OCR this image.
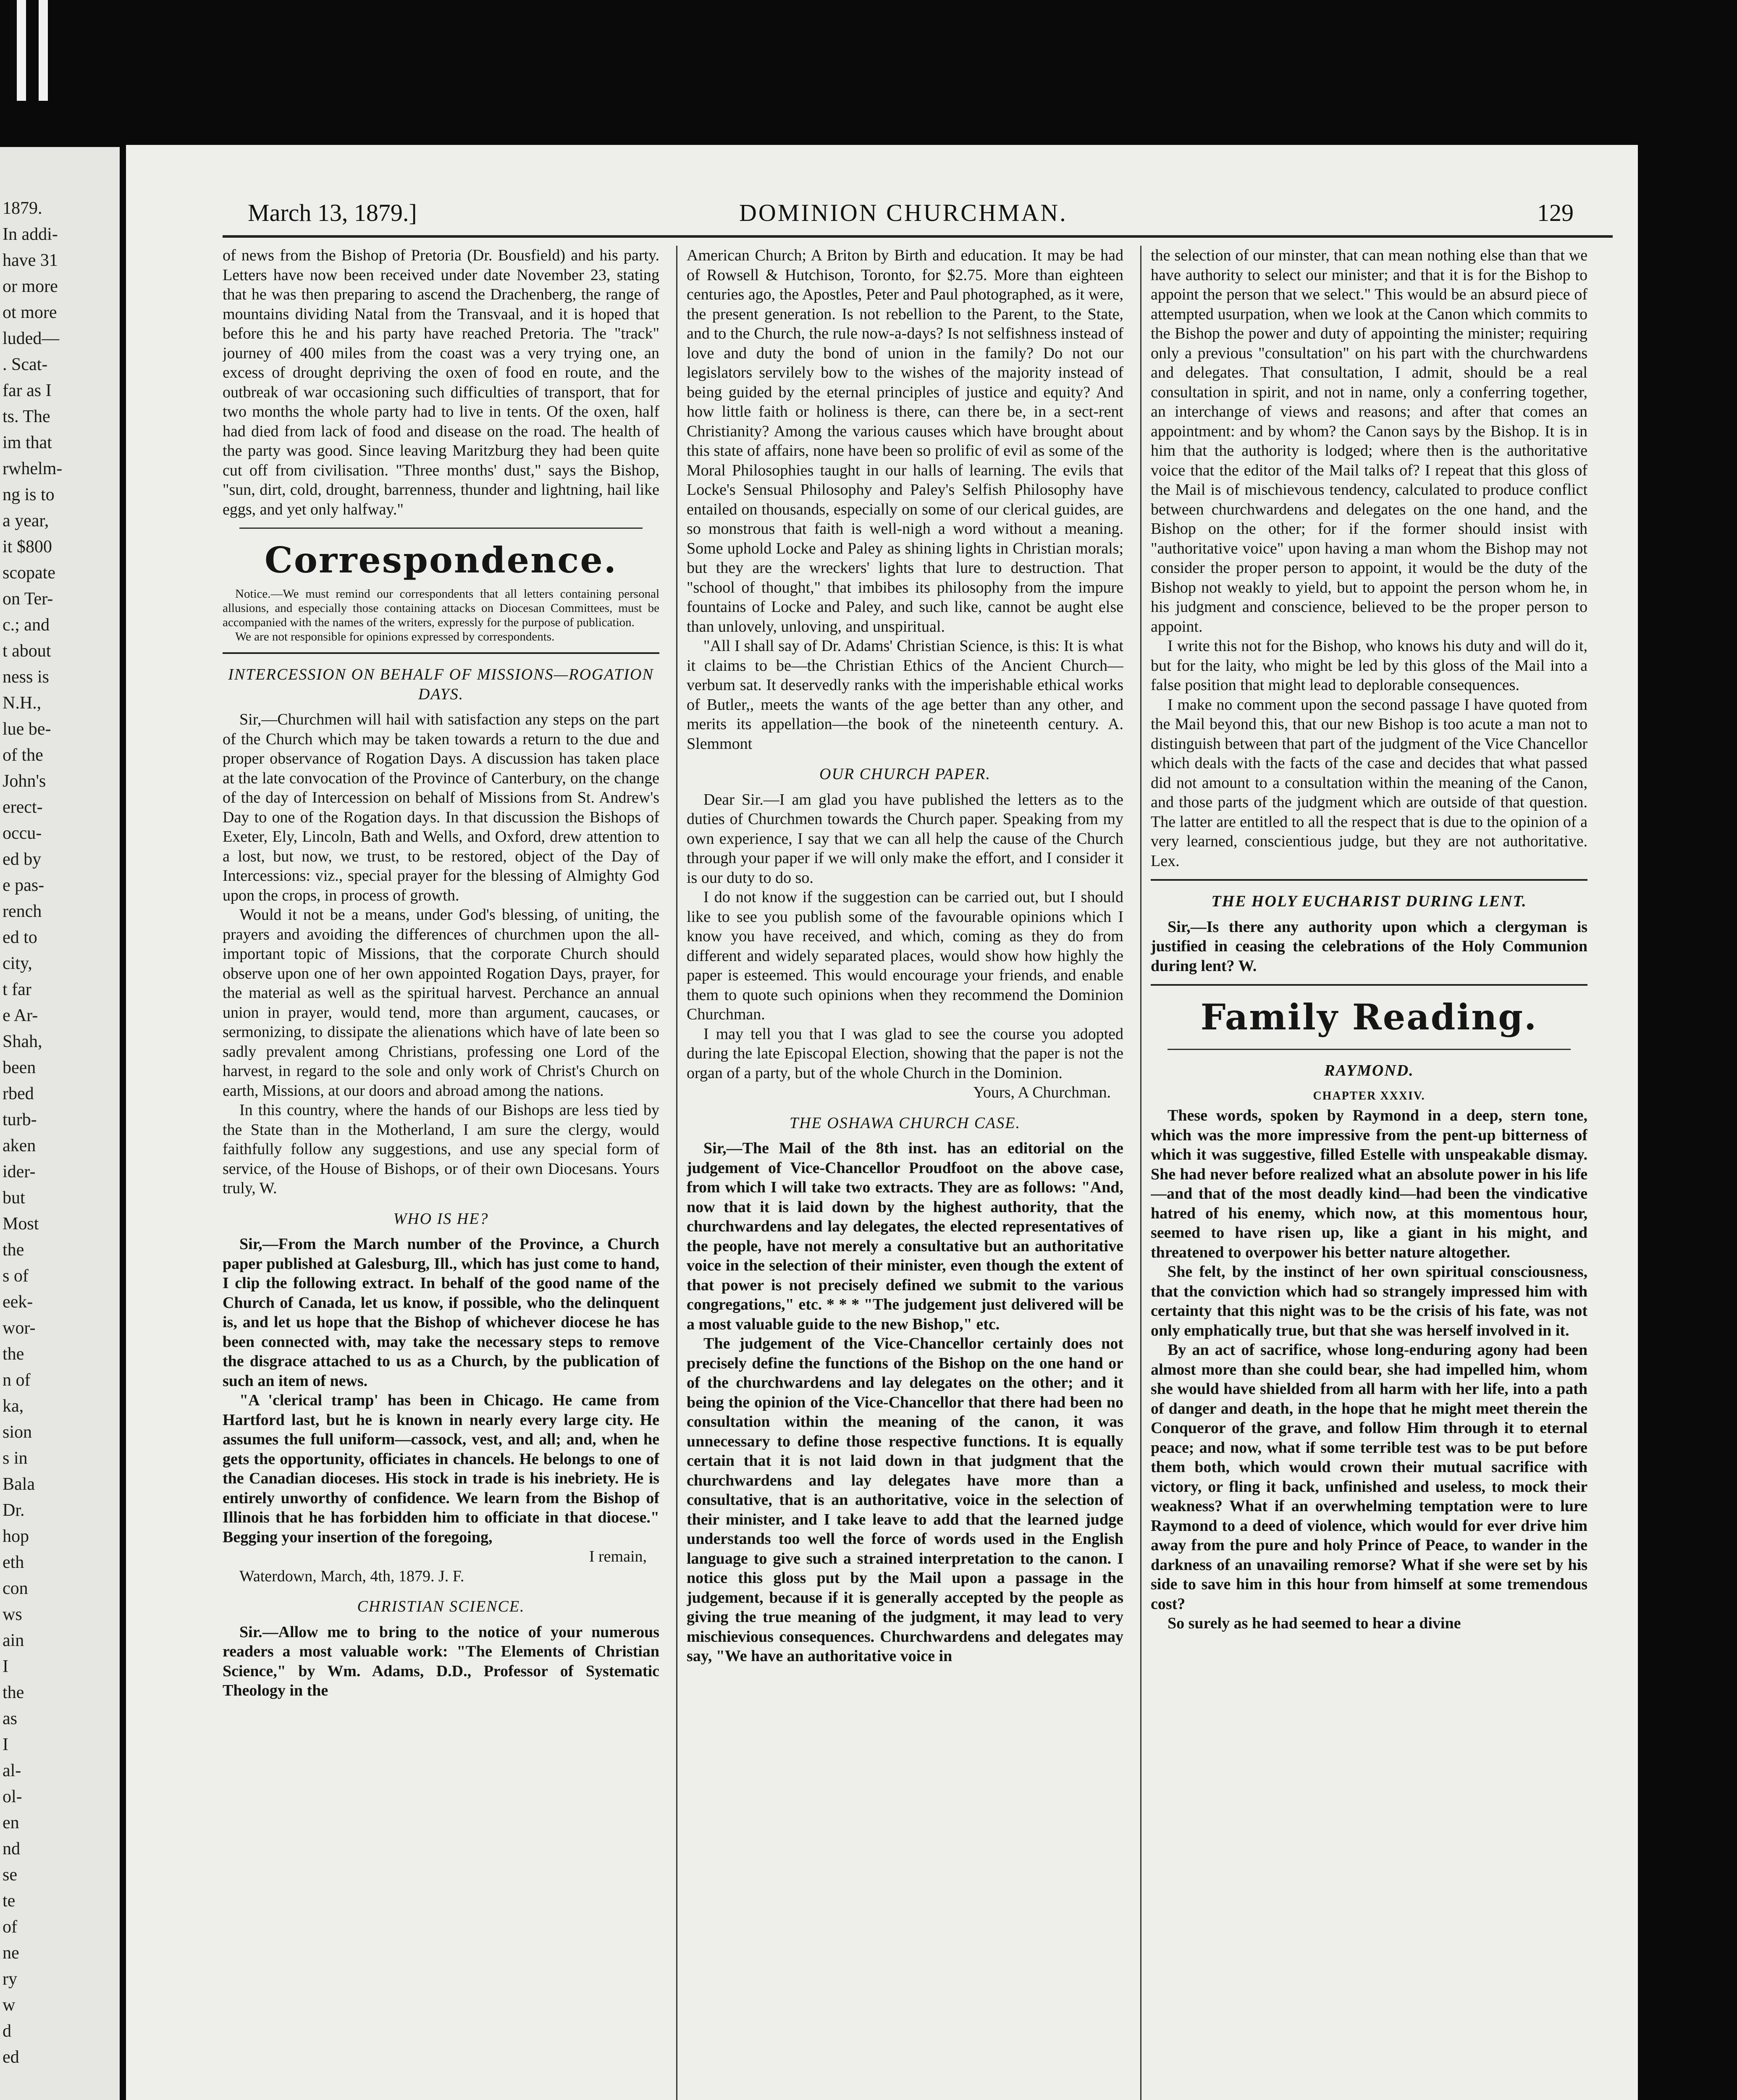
1879.
In addi-
have 31
or more
ot more
luded—
. Scat-
far as I
ts. The
im that
rwhelm-
ng is to
a year,
it $800
scopate
on Ter-
c.; and
t about
ness is
N.H.,
lue be-
of the
John's
erect-
occu-
ed by
e pas-
rench
ed to
city,
t far
e Ar-
Shah,
been
rbed
turb-
aken
ider-
but
Most
the
s of
eek-
wor-
the
n of
ka,
sion
s in
Bala
Dr.
hop
eth
con
ws
ain
I
the
as
I
al-
ol-
en
nd
se
te
of
ne
ry
w
d
ed
March 13, 1879.]	DOMINION CHURCHMAN.	129

of news from the Bishop of Pretoria (Dr. Bousfield) and his party. Letters have now been received under date November 23, stating that he was then preparing to ascend the Drachenberg, the range of mountains dividing Natal from the Transvaal, and it is hoped that before this he and his party have reached Pretoria. The "track" journey of 400 miles from the coast was a very trying one, an excess of drought depriving the oxen of food en route, and the outbreak of war occasioning such difficulties of transport, that for two months the whole party had to live in tents. Of the oxen, half had died from lack of food and disease on the road. The health of the party was good. Since leaving Maritzburg they had been quite cut off from civilisation. "Three months' dust," says the Bishop, "sun, dirt, cold, drought, barrenness, thunder and lightning, hail like eggs, and yet only halfway."

Correspondence.

Notice.—We must remind our correspondents that all letters containing personal allusions, and especially those containing attacks on Diocesan Committees, must be accompanied with the names of the writers, expressly for the purpose of publication.

We are not responsible for opinions expressed by correspondents.

INTERCESSION ON BEHALF OF MISSIONS—ROGATION DAYS.

Sir,—Churchmen will hail with satisfaction any steps on the part of the Church which may be taken towards a return to the due and proper observance of Rogation Days. A discussion has taken place at the late convocation of the Province of Canterbury, on the change of the day of Intercession on behalf of Missions from St. Andrew's Day to one of the Rogation days. In that discussion the Bishops of Exeter, Ely, Lincoln, Bath and Wells, and Oxford, drew attention to a lost, but now, we trust, to be restored, object of the Day of Intercessions: viz., special prayer for the blessing of Almighty God upon the crops, in process of growth.

Would it not be a means, under God's blessing, of uniting, the prayers and avoiding the differences of churchmen upon the all-important topic of Missions, that the corporate Church should observe upon one of her own appointed Rogation Days, prayer, for the material as well as the spiritual harvest. Perchance an annual union in prayer, would tend, more than argument, caucases, or sermonizing, to dissipate the alienations which have of late been so sadly prevalent among Christians, professing one Lord of the harvest, in regard to the sole and only work of Christ's Church on earth, Missions, at our doors and abroad among the nations.

In this country, where the hands of our Bishops are less tied by the State than in the Motherland, I am sure the clergy, would faithfully follow any suggestions, and use any special form of service, of the House of Bishops, or of their own Diocesans. Yours truly, W.

WHO IS HE?

Sir,—From the March number of the Province, a Church paper published at Galesburg, Ill., which has just come to hand, I clip the following extract. In behalf of the good name of the Church of Canada, let us know, if possible, who the delinquent is, and let us hope that the Bishop of whichever diocese he has been connected with, may take the necessary steps to remove the disgrace attached to us as a Church, by the publication of such an item of news.

"A 'clerical tramp' has been in Chicago. He came from Hartford last, but he is known in nearly every large city. He assumes the full uniform—cassock, vest, and all; and, when he gets the opportunity, officiates in chancels. He belongs to one of the Canadian dioceses. His stock in trade is his inebriety. He is entirely unworthy of confidence. We learn from the Bishop of Illinois that he has forbidden him to officiate in that diocese." Begging your insertion of the foregoing,

I remain,

Waterdown, March, 4th, 1879. J. F.

CHRISTIAN SCIENCE.

Sir.—Allow me to bring to the notice of your numerous readers a most valuable work: "The Elements of Christian Science," by Wm. Adams, D.D., Professor of Systematic Theology in the

American Church; A Briton by Birth and education. It may be had of Rowsell & Hutchison, Toronto, for $2.75. More than eighteen centuries ago, the Apostles, Peter and Paul photographed, as it were, the present generation. Is not rebellion to the Parent, to the State, and to the Church, the rule now-a-days? Is not selfishness instead of love and duty the bond of union in the family? Do not our legislators servilely bow to the wishes of the majority instead of being guided by the eternal principles of justice and equity? And how little faith or holiness is there, can there be, in a sect-rent Christianity? Among the various causes which have brought about this state of affairs, none have been so prolific of evil as some of the Moral Philosophies taught in our halls of learning. The evils that Locke's Sensual Philosophy and Paley's Selfish Philosophy have entailed on thousands, especially on some of our clerical guides, are so monstrous that faith is well-nigh a word without a meaning. Some uphold Locke and Paley as shining lights in Christian morals; but they are the wreckers' lights that lure to destruction. That "school of thought," that imbibes its philosophy from the impure fountains of Locke and Paley, and such like, cannot be aught else than unlovely, unloving, and unspiritual.

"All I shall say of Dr. Adams' Christian Science, is this: It is what it claims to be—the Christian Ethics of the Ancient Church—verbum sat. It deservedly ranks with the imperishable ethical works of Butler,, meets the wants of the age better than any other, and merits its appellation—the book of the nineteenth century. A. Slemmont

OUR CHURCH PAPER.

Dear Sir.—I am glad you have published the letters as to the duties of Churchmen towards the Church paper. Speaking from my own experience, I say that we can all help the cause of the Church through your paper if we will only make the effort, and I consider it is our duty to do so.

I do not know if the suggestion can be carried out, but I should like to see you publish some of the favourable opinions which I know you have received, and which, coming as they do from different and widely separated places, would show how highly the paper is esteemed. This would encourage your friends, and enable them to quote such opinions when they recommend the Dominion Churchman.

I may tell you that I was glad to see the course you adopted during the late Episcopal Election, showing that the paper is not the organ of a party, but of the whole Church in the Dominion.

Yours, A Churchman.

THE OSHAWA CHURCH CASE.

Sir,—The Mail of the 8th inst. has an editorial on the judgement of Vice-Chancellor Proudfoot on the above case, from which I will take two extracts. They are as follows: "And, now that it is laid down by the highest authority, that the churchwardens and lay delegates, the elected representatives of the people, have not merely a consultative but an authoritative voice in the selection of their minister, even though the extent of that power is not precisely defined we submit to the various congregations," etc. * * * "The judgement just delivered will be a most valuable guide to the new Bishop," etc.

The judgement of the Vice-Chancellor certainly does not precisely define the functions of the Bishop on the one hand or of the churchwardens and lay delegates on the other; and it being the opinion of the Vice-Chancellor that there had been no consultation within the meaning of the canon, it was unnecessary to define those respective functions. It is equally certain that it is not laid down in that judgment that the churchwardens and lay delegates have more than a consultative, that is an authoritative, voice in the selection of their minister, and I take leave to add that the learned judge understands too well the force of words used in the English language to give such a strained interpretation to the canon. I notice this gloss put by the Mail upon a passage in the judgement, because if it is generally accepted by the people as giving the true meaning of the judgment, it may lead to very mischievious consequences. Churchwardens and delegates may say, "We have an authoritative voice in

the selection of our minster, that can mean nothing else than that we have authority to select our minister; and that it is for the Bishop to appoint the person that we select." This would be an absurd piece of attempted usurpation, when we look at the Canon which commits to the Bishop the power and duty of appointing the minister; requiring only a previous "consultation" on his part with the churchwardens and delegates. That consultation, I admit, should be a real consultation in spirit, and not in name, only a conferring together, an interchange of views and reasons; and after that comes an appointment: and by whom? the Canon says by the Bishop. It is in him that the authority is lodged; where then is the authoritative voice that the editor of the Mail talks of? I repeat that this gloss of the Mail is of mischievous tendency, calculated to produce conflict between churchwardens and delegates on the one hand, and the Bishop on the other; for if the former should insist with "authoritative voice" upon having a man whom the Bishop may not consider the proper person to appoint, it would be the duty of the Bishop not weakly to yield, but to appoint the person whom he, in his judgment and conscience, believed to be the proper person to appoint.

I write this not for the Bishop, who knows his duty and will do it, but for the laity, who might be led by this gloss of the Mail into a false position that might lead to deplorable consequences.

I make no comment upon the second passage I have quoted from the Mail beyond this, that our new Bishop is too acute a man not to distinguish between that part of the judgment of the Vice Chancellor which deals with the facts of the case and decides that what passed did not amount to a consultation within the meaning of the Canon, and those parts of the judgment which are outside of that question. The latter are entitled to all the respect that is due to the opinion of a very learned, conscientious judge, but they are not authoritative. Lex.

THE HOLY EUCHARIST DURING LENT.

Sir,—Is there any authority upon which a clergyman is justified in ceasing the celebrations of the Holy Communion during lent? W.

Family Reading.

RAYMOND.

CHAPTER XXXIV.

These words, spoken by Raymond in a deep, stern tone, which was the more impressive from the pent-up bitterness of which it was suggestive, filled Estelle with unspeakable dismay. She had never before realized what an absolute power in his life—and that of the most deadly kind—had been the vindicative hatred of his enemy, which now, at this momentous hour, seemed to have risen up, like a giant in his might, and threatened to overpower his better nature altogether.

She felt, by the instinct of her own spiritual consciousness, that the conviction which had so strangely impressed him with certainty that this night was to be the crisis of his fate, was not only emphatically true, but that she was herself involved in it.

By an act of sacrifice, whose long-enduring agony had been almost more than she could bear, she had impelled him, whom she would have shielded from all harm with her life, into a path of danger and death, in the hope that he might meet therein the Conqueror of the grave, and follow Him through it to eternal peace; and now, what if some terrible test was to be put before them both, which would crown their mutual sacrifice with victory, or fling it back, unfinished and useless, to mock their weakness? What if an overwhelming temptation were to lure Raymond to a deed of violence, which would for ever drive him away from the pure and holy Prince of Peace, to wander in the darkness of an unavailing remorse? What if she were set by his side to save him in this hour from himself at some tremendous cost?

So surely as he had seemed to hear a divine
